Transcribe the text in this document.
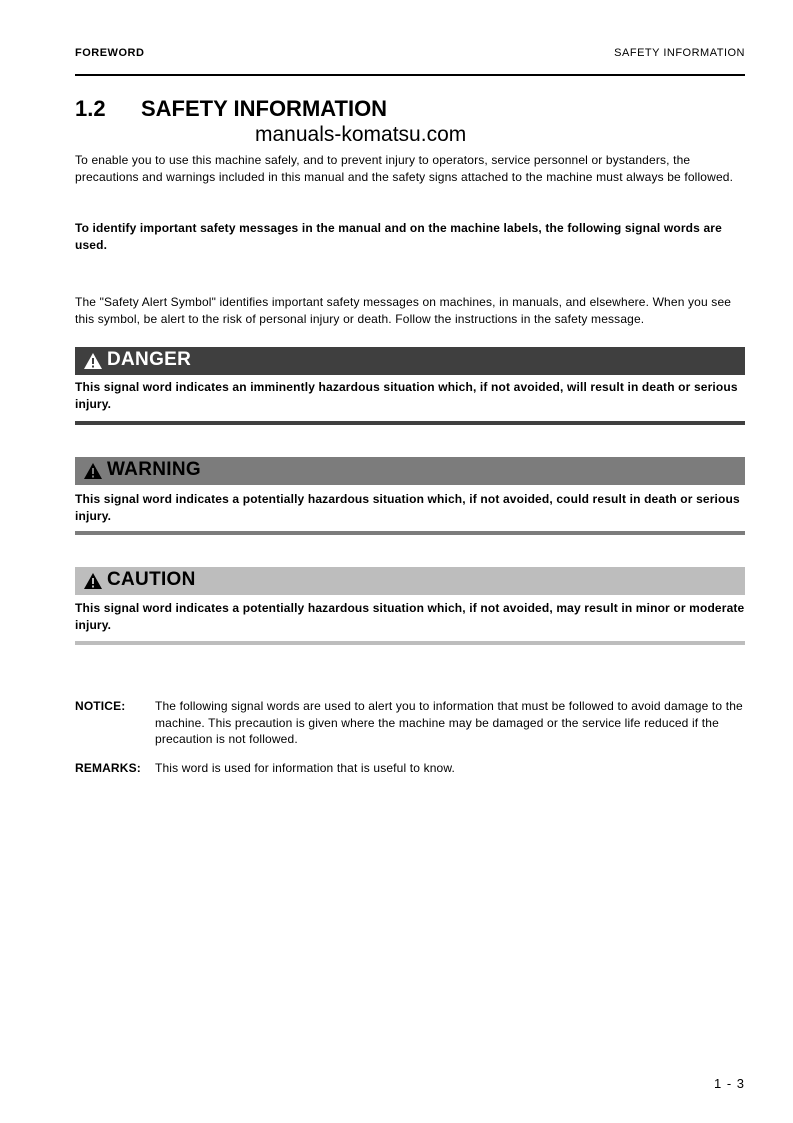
FOREWORD	SAFETY INFORMATION
1.2 SAFETY INFORMATION
manuals-komatsu.com
To enable you to use this machine safely, and to prevent injury to operators, service personnel or bystanders, the precautions and warnings included in this manual and the safety signs attached to the machine must always be followed.
To identify important safety messages in the manual and on the machine labels, the following signal words are used.
The "Safety Alert Symbol" identifies important safety messages on machines, in manuals, and elsewhere. When you see this symbol, be alert to the risk of personal injury or death. Follow the instructions in the safety message.
DANGER
This signal word indicates an imminently hazardous situation which, if not avoided, will result in death or serious injury.
WARNING
This signal word indicates a potentially hazardous situation which, if not avoided, could result in death or serious injury.
CAUTION
This signal word indicates a potentially hazardous situation which, if not avoided, may result in minor or moderate injury.
NOTICE: The following signal words are used to alert you to information that must be followed to avoid damage to the machine. This precaution is given where the machine may be damaged or the service life reduced if the precaution is not followed.
REMARKS: This word is used for information that is useful to know.
1 - 3
